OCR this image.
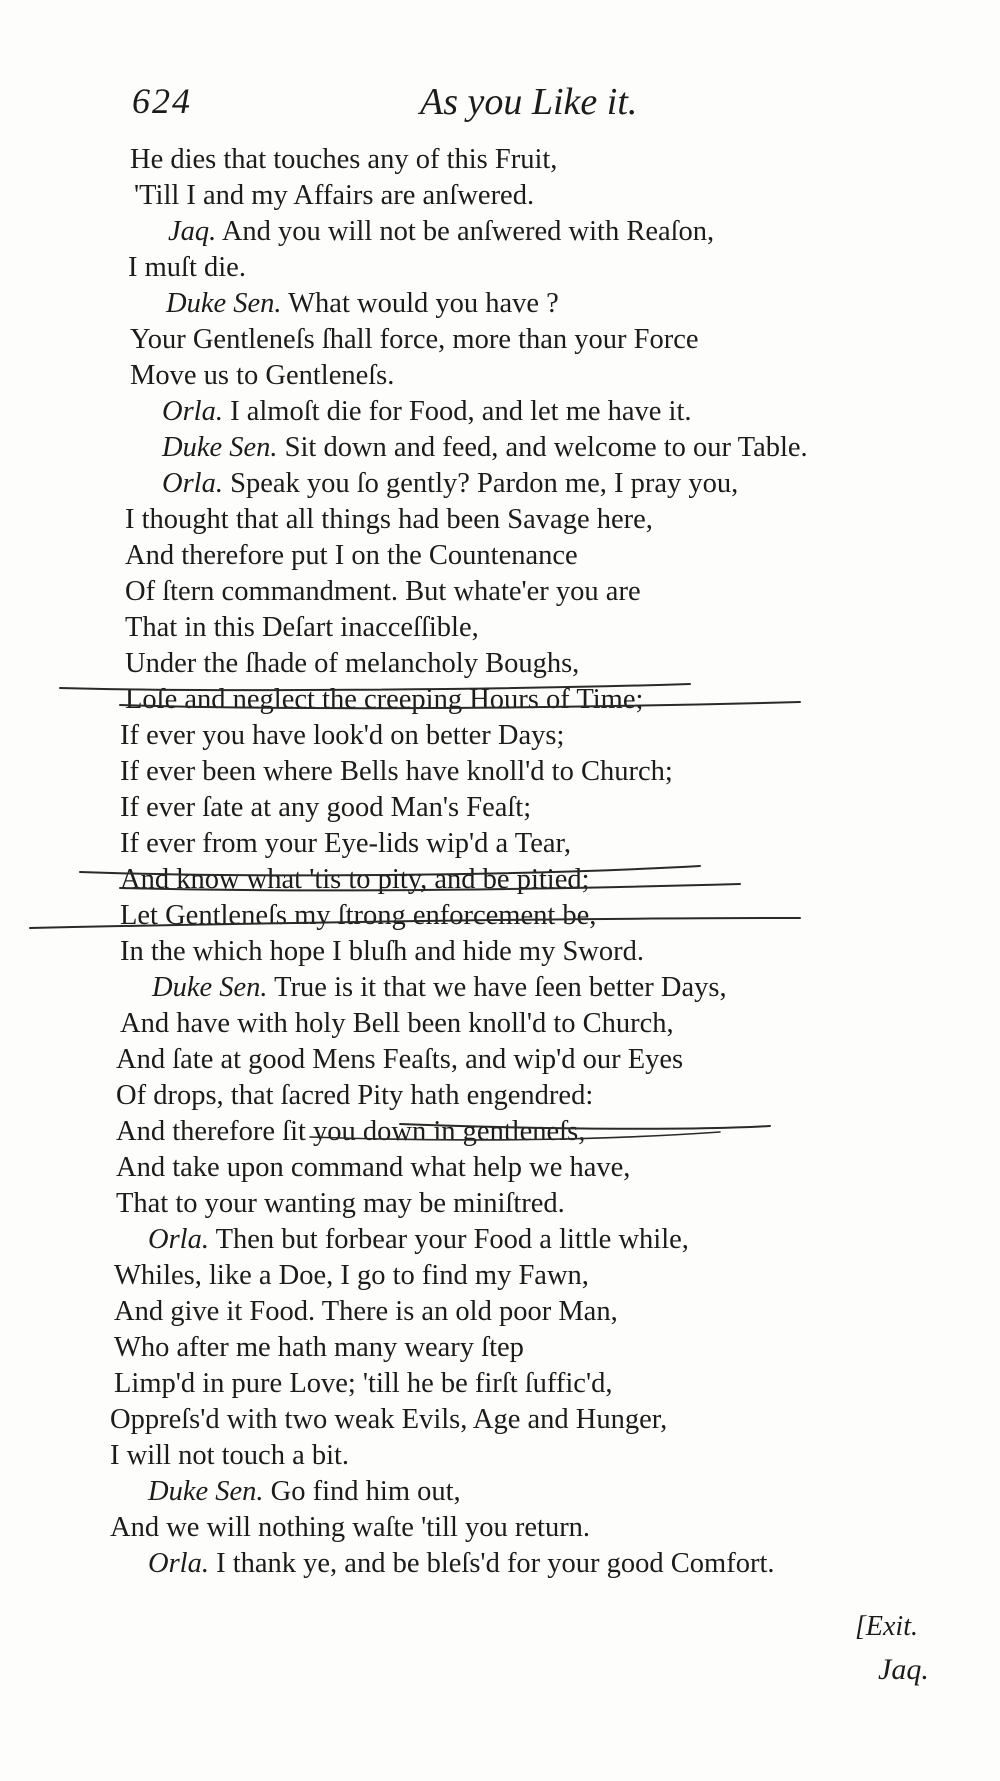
624	As you Like it.
He dies that touches any of this Fruit,
'Till I and my Affairs are anſwered.
Jaq. And you will not be anſwered with Reaſon,
I muſt die.
Duke Sen. What would you have ?
Your Gentleneſs ſhall force, more than your Force
Move us to Gentleneſs.
Orla. I almoſt die for Food, and let me have it.
Duke Sen. Sit down and feed, and welcome to our Table.
Orla. Speak you ſo gently? Pardon me, I pray you,
I thought that all things had been Savage here,
And therefore put I on the Countenance
Of ſtern commandment. But whate'er you are
That in this Deſart inacceſſible,
Under the ſhade of melancholy Boughs,
Loſe and neglect the creeping Hours of Time;
If ever you have look'd on better Days;
If ever been where Bells have knoll'd to Church;
If ever ſate at any good Man's Feaſt;
If ever from your Eye-lids wip'd a Tear,
And know what 'tis to pity, and be pitied;
Let Gentleneſs my ſtrong enforcement be,
In the which hope I bluſh and hide my Sword.
Duke Sen. True is it that we have ſeen better Days,
And have with holy Bell been knoll'd to Church,
And ſate at good Mens Feaſts, and wip'd our Eyes
Of drops, that ſacred Pity hath engendred:
And therefore ſit you down in gentleneſs,
And take upon command what help we have,
That to your wanting may be miniſtred.
Orla. Then but forbear your Food a little while,
Whiles, like a Doe, I go to find my Fawn,
And give it Food. There is an old poor Man,
Who after me hath many weary ſtep
Limp'd in pure Love; 'till he be firſt ſuffic'd,
Oppreſs'd with two weak Evils, Age and Hunger,
I will not touch a bit.
Duke Sen. Go find him out,
And we will nothing waſte 'till you return.
Orla. I thank ye, and be bleſs'd for your good Comfort.
[Exit.
Jaq.
